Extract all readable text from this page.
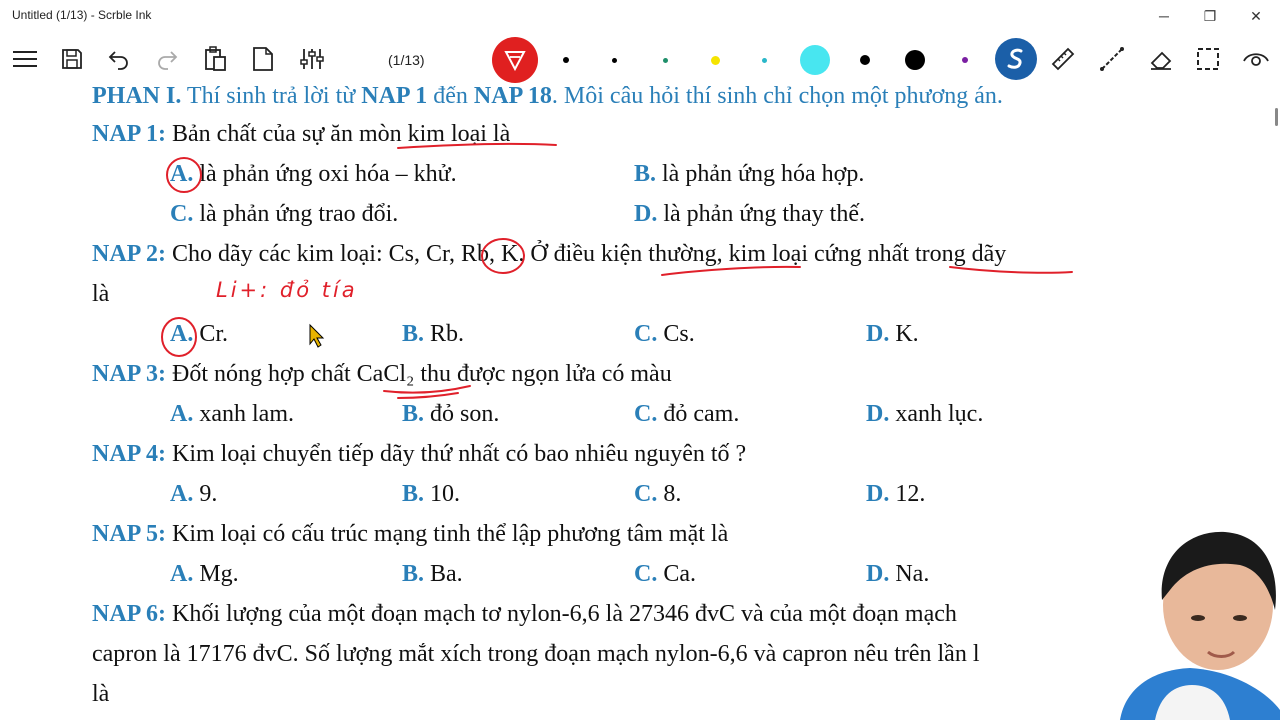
Untitled (1/13) - Scrble Ink	─ ❐ ✕
(1/13)
PHAN I. Thí sinh trả lời từ NAP 1 đến NAP 18. Môi câu hỏi thí sinh chỉ chọn một phương án.
NAP 1: Bản chất của sự ăn mòn kim loại là
A. là phản ứng oxi hóa – khử.	B. là phản ứng hóa hợp.
C. là phản ứng trao đổi.	D. là phản ứng thay thế.
NAP 2: Cho dãy các kim loại: Cs, Cr, Rb, K. Ở điều kiện thường, kim loại cứng nhất trong dãy
là
A. Cr.	B. Rb.	C. Cs.	D. K.
NAP 3: Đốt nóng hợp chất CaCl₂ thu được ngọn lửa có màu
A. xanh lam.	B. đỏ son.	C. đỏ cam.	D. xanh lục.
NAP 4: Kim loại chuyển tiếp dãy thứ nhất có bao nhiêu nguyên tố ?
A. 9.	B. 10.	C. 8.	D. 12.
NAP 5: Kim loại có cấu trúc mạng tinh thể lập phương tâm mặt là
A. Mg.	B. Ba.	C. Ca.	D. Na.
NAP 6: Khối lượng của một đoạn mạch tơ nylon-6,6 là 27346 đvC và của một đoạn mạch
capron là 17176 đvC. Số lượng mắt xích trong đoạn mạch nylon-6,6 và capron nêu trên lần l
là
Li+: đỏ tía
